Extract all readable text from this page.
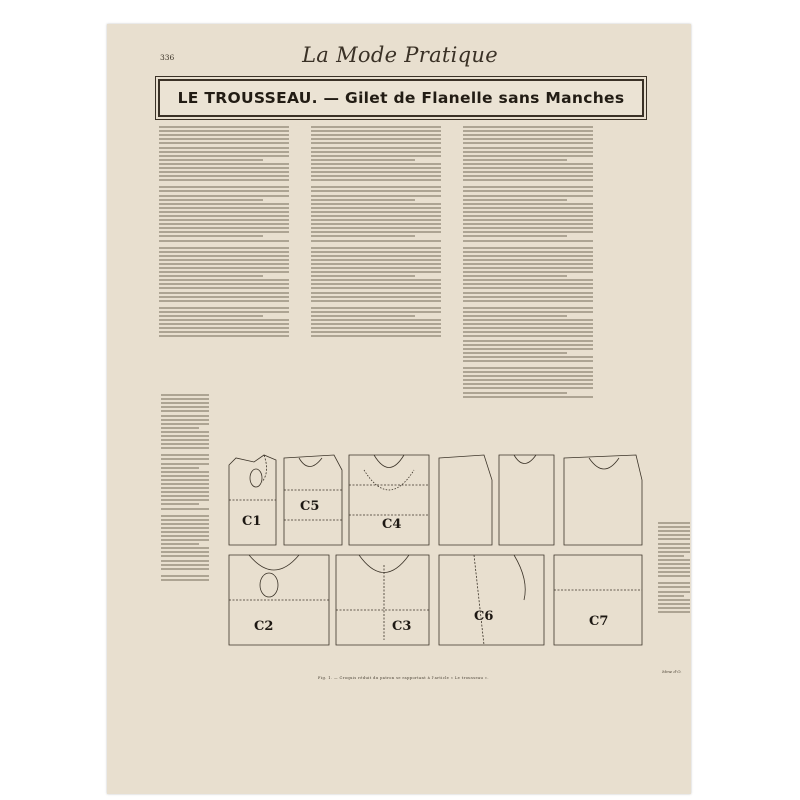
336	La Mode Pratique
LE TROUSSEAU. — Gilet de Flanelle sans Manches
C1
C5
C4
C2	C3
C6	C7
Fig. 1. — Croquis réduit du patron se rapportant à l'article « Le trousseau ».
Mme d'O.
